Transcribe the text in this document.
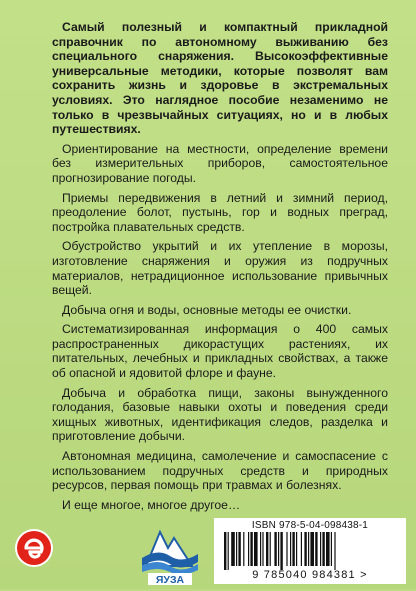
Самый полезный и компактный прикладной справочник по автономному выживанию без специального снаряжения. Высокоэффективные универсальные методики, которые позволят вам сохранить жизнь и здоровье в экстремальных условиях. Это наглядное пособие незаменимо не только в чрезвычайных ситуациях, но и в любых путешествиях.

Ориентирование на местности, определение времени без измерительных приборов, самостоятельное прогнозирование погоды.

Приемы передвижения в летний и зимний период, преодоление болот, пустынь, гор и водных преград, постройка плавательных средств.

Обустройство укрытий и их утепление в морозы, изготовление снаряжения и оружия из подручных материалов, нетрадиционное использование привычных вещей.

Добыча огня и воды, основные методы ее очистки.

Систематизированная информация о 400 самых распространенных дикорастущих растениях, их питательных, лечебных и прикладных свойствах, а также об опасной и ядовитой флоре и фауне.

Добыча и обработка пищи, законы вынужденного голодания, базовые навыки охоты и поведения среди хищных животных, идентификация следов, разделка и приготовление добычи.

Автономная медицина, самолечение и самоспасение с использованием подручных средств и природных ресурсов, первая помощь при травмах и болезнях.

И еще многое, многое другое…

ЯУЗА
ISBN 978-5-04-098438-1
9 785040 984381 >
